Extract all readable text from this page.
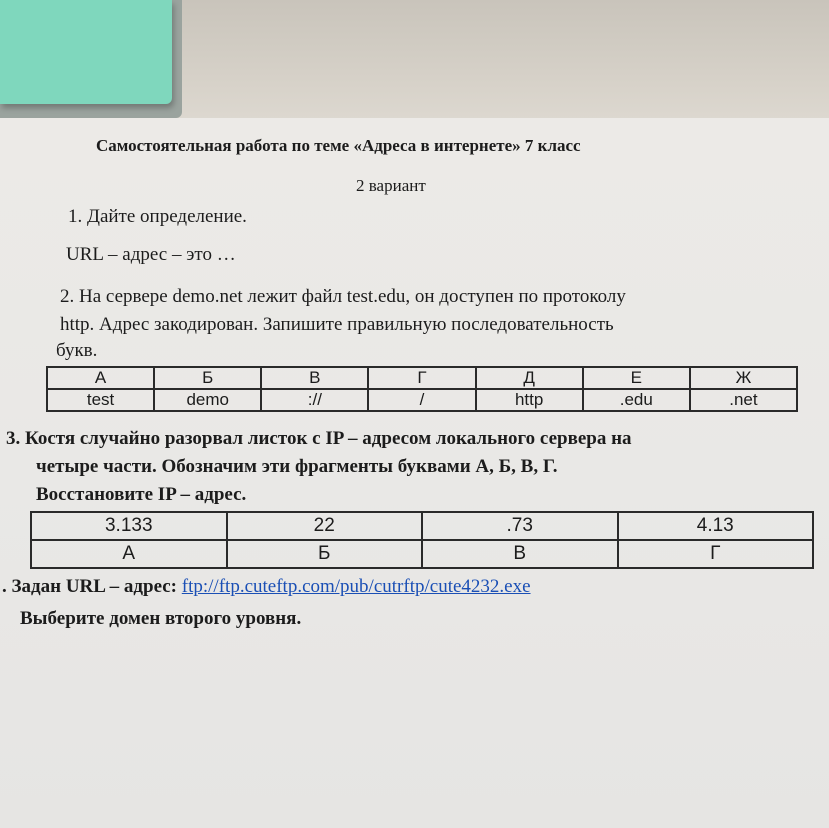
Самостоятельная работа по теме «Адреса в интернете» 7 класс
2 вариант
1. Дайте определение.
URL – адрес – это …
2. На сервере demo.net лежит файл test.edu, он доступен по протоколу
http. Адрес закодирован. Запишите правильную последовательность
букв.
А	Б	В	Г	Д	Е	Ж
test	demo	://	/	http	.edu	.net
3. Костя случайно разорвал листок с IP – адресом локального сервера на
четыре части. Обозначим эти фрагменты буквами А, Б, В, Г.
Восстановите IP – адрес.
3.133	22	.73	4.13
А	Б	В	Г
. Задан URL – адрес: ftp://ftp.cuteftp.com/pub/cutrftp/cute4232.exe
Выберите домен второго уровня.
